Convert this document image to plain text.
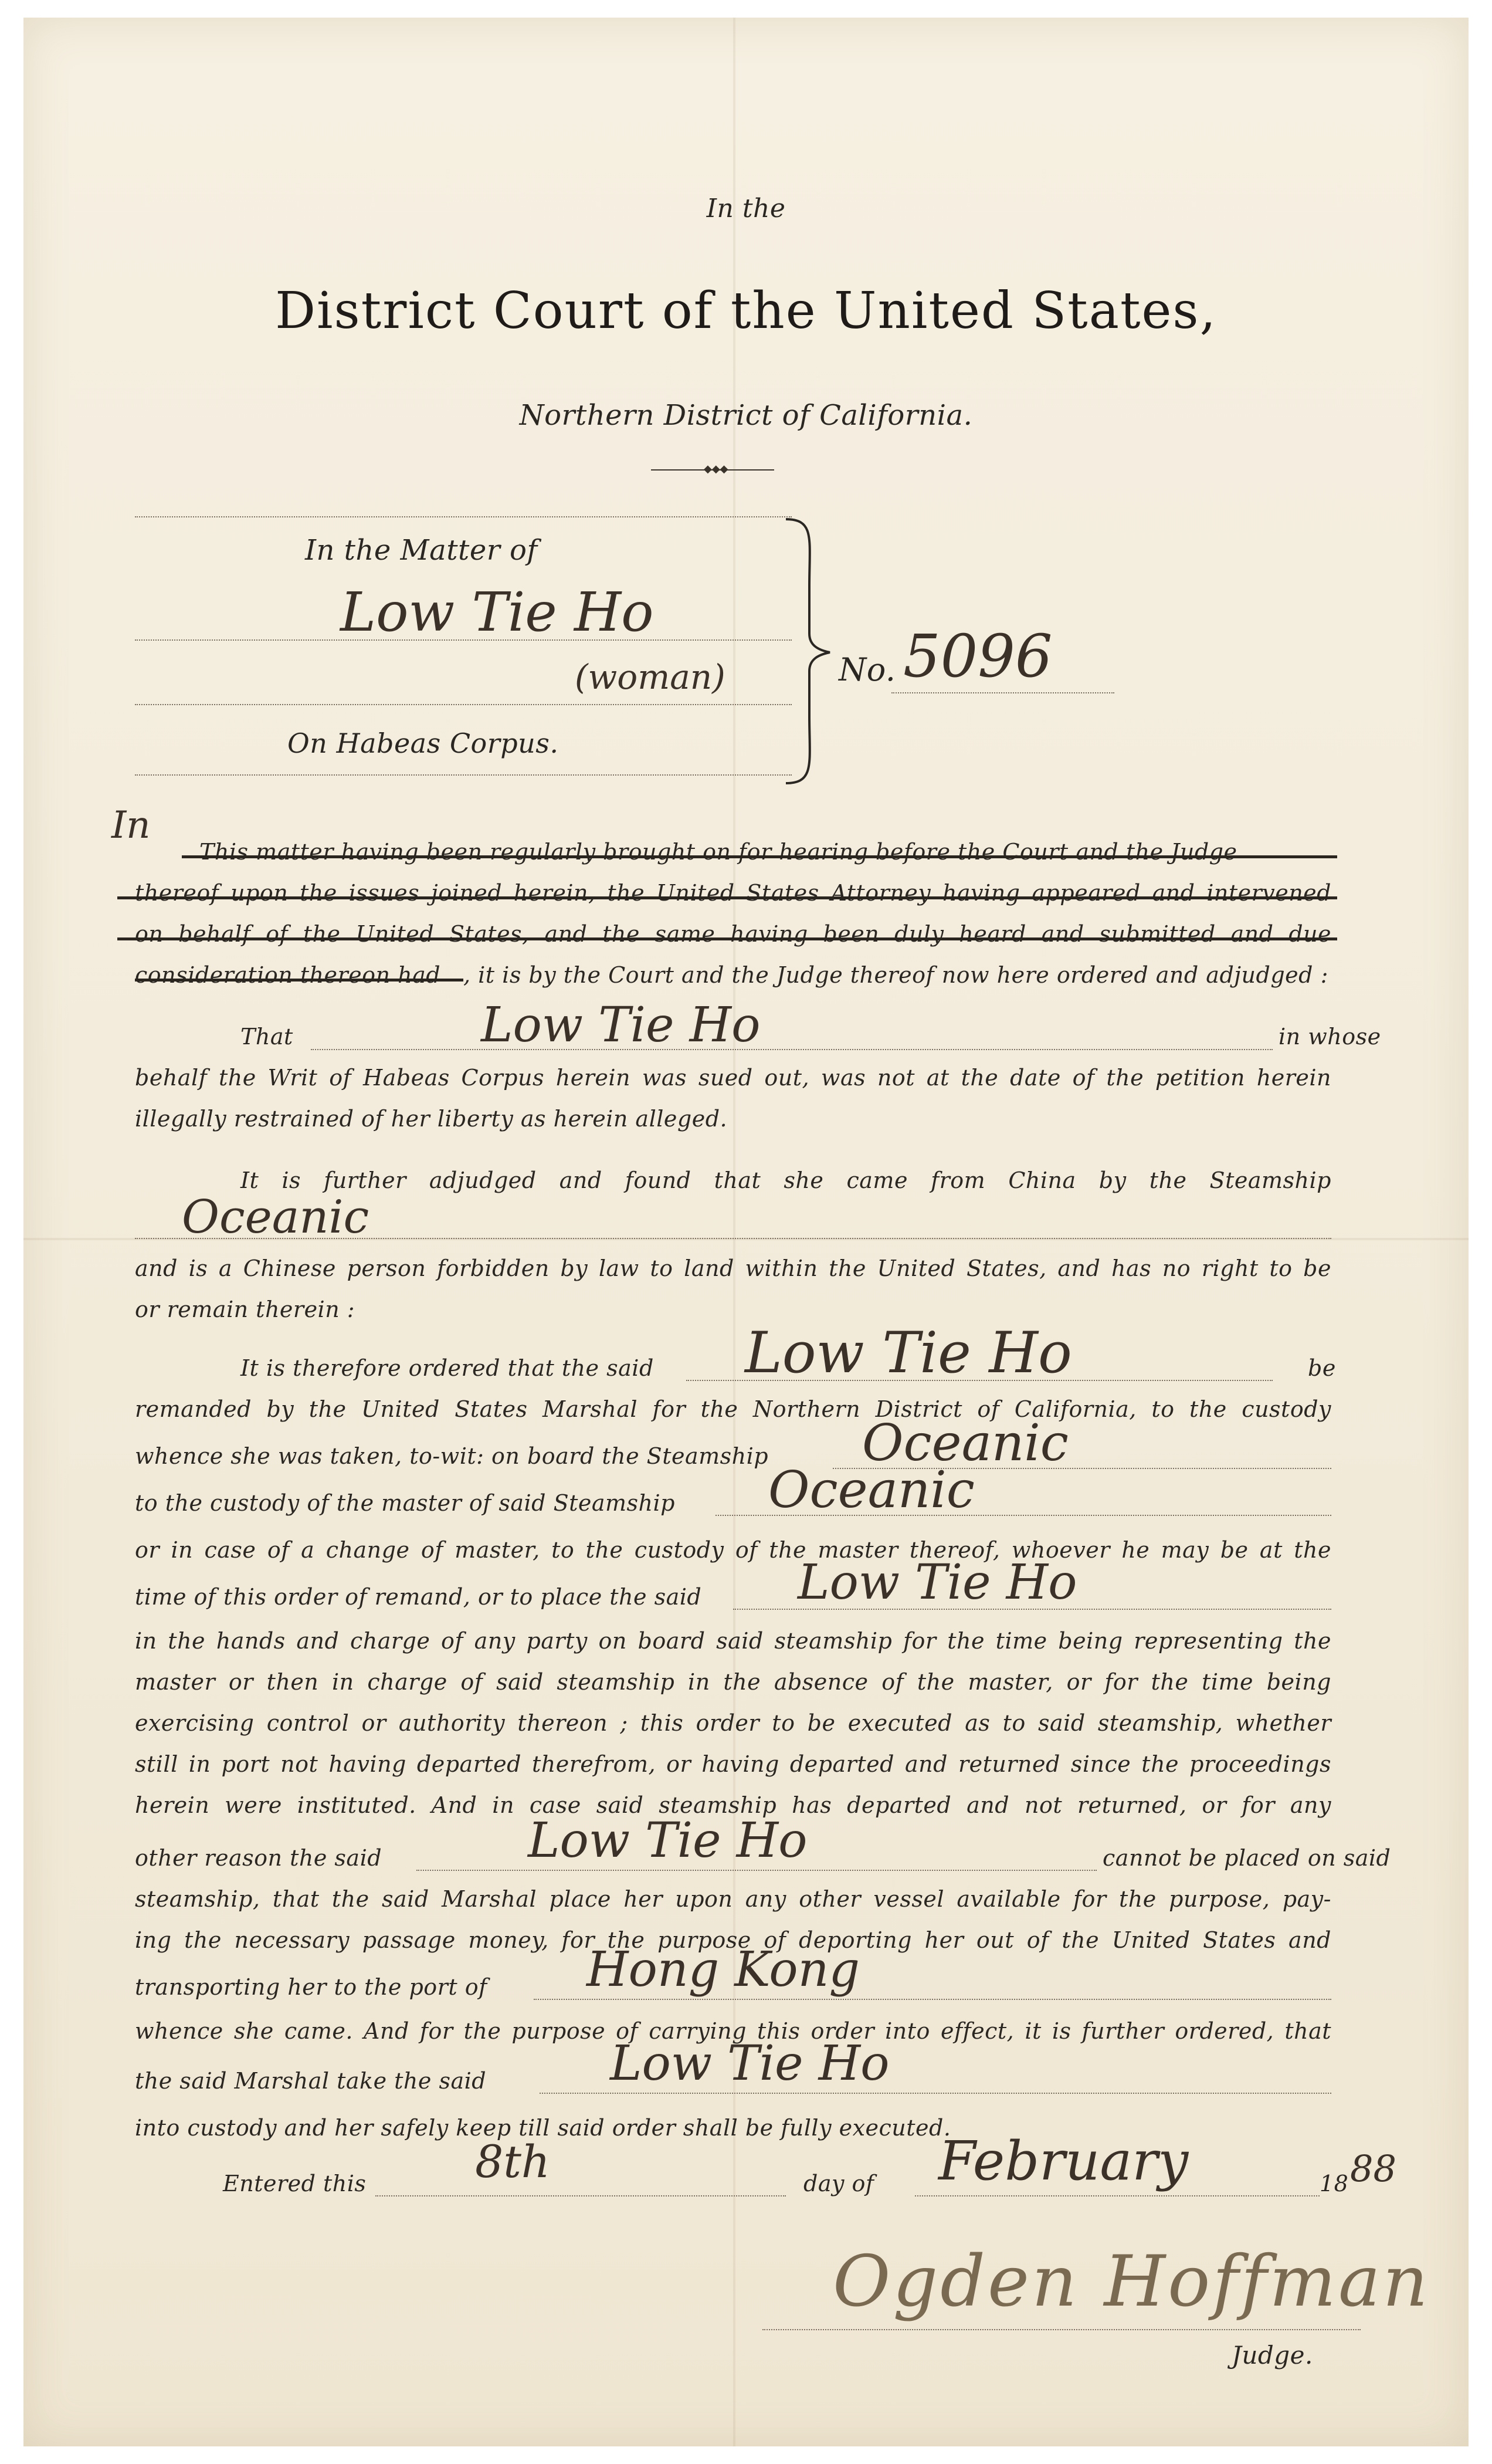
In the
District Court of the United States,
Northern District of California.
◆◆◆
In the Matter of
Low Tie Ho
(woman)
On Habeas Corpus.
No. 5096
In
This matter having been regularly brought on for hearing before the Court and the Judge
thereof upon the issues joined herein, the United States Attorney having appeared and intervened
on behalf of the United States, and the same having been duly heard and submitted and due
consideration thereon had , it is by the Court and the Judge thereof now here ordered and adjudged :
That	Low Tie Ho	in whose
behalf the Writ of Habeas Corpus herein was sued out, was not at the date of the petition herein
illegally restrained of her liberty as herein alleged.
It is further adjudged and found that she came from China by the Steamship
Oceanic
and is a Chinese person forbidden by law to land within the United States, and has no right to be
or remain therein :
It is therefore ordered that the said Low Tie Ho	be
remanded by the United States Marshal for the Northern District of California, to the custody
whence she was taken, to-wit: on board the Steamship Oceanic
to the custody of the master of said Steamship Oceanic
or in case of a change of master, to the custody of the master thereof, whoever he may be at the
time of this order of remand, or to place the said Low Tie Ho
in the hands and charge of any party on board said steamship for the time being representing the
master or then in charge of said steamship in the absence of the master, or for the time being
exercising control or authority thereon ; this order to be executed as to said steamship, whether
still in port not having departed therefrom, or having departed and returned since the proceedings
herein were instituted. And in case said steamship has departed and not returned, or for any
other reason the said	Low Tie Ho	cannot be placed on said
steamship, that the said Marshal place her upon any other vessel available for the purpose, pay-
ing the necessary passage money, for the purpose of deporting her out of the United States and
transporting her to the port of Hong Kong
whence she came. And for the purpose of carrying this order into effect, it is further ordered, that
the said Marshal take the said	Low Tie Ho
into custody and her safely keep till said order shall be fully executed.
Entered this 8th	day of February	18 88
Ogden Hoffman
Judge.
